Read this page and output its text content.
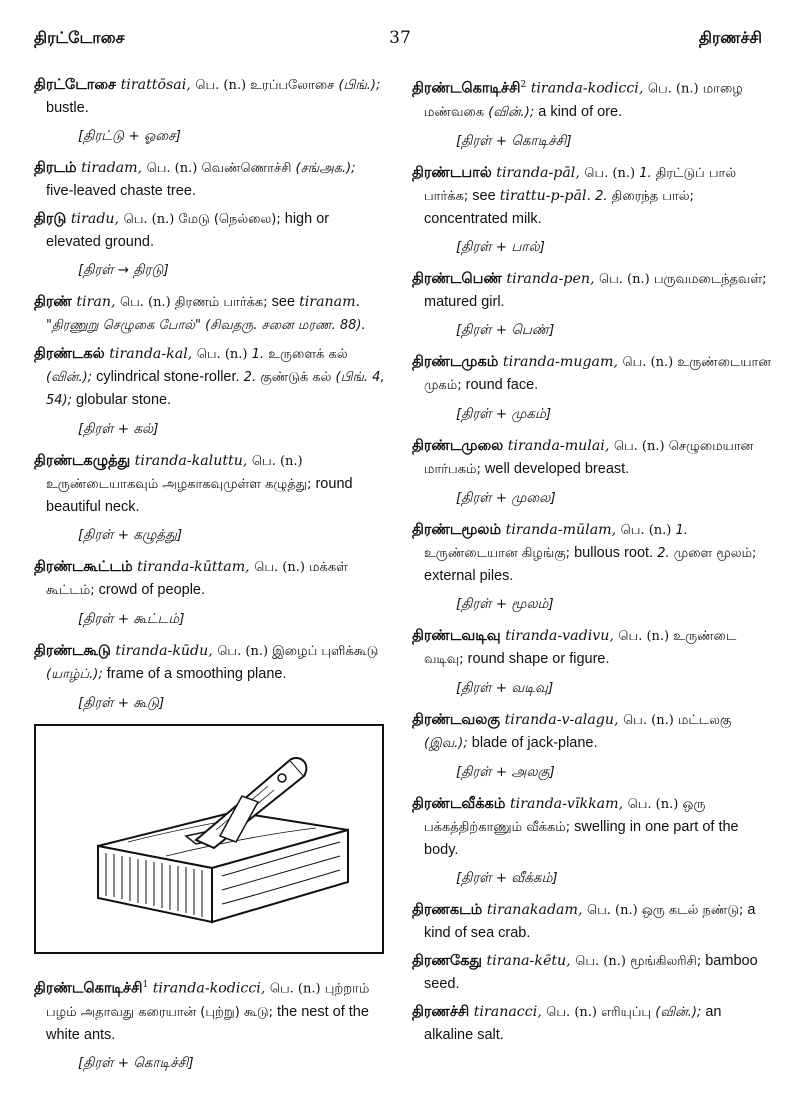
திரட்டோசை	37	திரணச்சி
திரட்டோசை tirattōsai, பெ. (n.) உரப்பலோசை (பிங்.); bustle.
[திரட்டு + ஓசை]
திரடம் tiradam, பெ. (n.) வெண்ணொச்சி (சங்அக.); five-leaved chaste tree.
திரடு tiradu, பெ. (n.) மேடு (நெல்லை); high or elevated ground.
[திரள் → திரடு]
திரண் tiran, பெ. (n.) திரணம் பார்க்க; see tiranam. "திரணுறு செழுகை போல்" (சிவதரு. சனை மரண. 88).
திரண்டகல் tiranda-kal, பெ. (n.) 1. உருளைக் கல் (வின்.); cylindrical stone-roller. 2. குண்டுக் கல் (பிங். 4, 54); globular stone.
[திரள் + கல்]
திரண்டகழுத்து tiranda-kaluttu, பெ. (n.) உருண்டையாகவும் அழகாகவுமுள்ள கழுத்து; round beautiful neck.
[திரள் + கழுத்து]
திரண்டகூட்டம் tiranda-kūttam, பெ. (n.) மக்கள் கூட்டம்; crowd of people.
[திரள் + கூட்டம்]
திரண்டகூடு tiranda-kūdu, பெ. (n.) இழைப் புளிக்கூடு (யாழ்ப்.); frame of a smoothing plane.
[திரள் + கூடு]
திரண்டகொடிச்சி$^1$ tiranda-kodicci, பெ. (n.) புற்றாம் பழம் அதாவது கரையான் (புற்று) கூடு; the nest of the white ants.
[திரள் + கொடிச்சி]
திரண்டகொடிச்சி$^2$ tiranda-kodicci, பெ. (n.) மாழை மண்வகை (வின்.); a kind of ore.
[திரள் + கொடிச்சி]
திரண்டபால் tiranda-pāl, பெ. (n.) 1. திரட்டுப் பால் பார்க்க; see tirattu-p-pāl. 2. திரைந்த பால்; concentrated milk.
[திரள் + பால்]
திரண்டபெண் tiranda-pen, பெ. (n.) பருவமடைந்தவள்; matured girl.
[திரள் + பெண்]
திரண்டமுகம் tiranda-mugam, பெ. (n.) உருண்டையான முகம்; round face.
[திரள் + முகம்]
திரண்டமுலை tiranda-mulai, பெ. (n.) செழுமையான மார்பகம்; well developed breast.
[திரள் + முலை]
திரண்டமூலம் tiranda-mūlam, பெ. (n.) 1. உருண்டையான கிழங்கு; bullous root. 2. முளை மூலம்; external piles.
[திரள் + மூலம்]
திரண்டவடிவு tiranda-vadivu, பெ. (n.) உருண்டை வடிவு; round shape or figure.
[திரள் + வடிவு]
திரண்டவலகு tiranda-v-alagu, பெ. (n.) மட்டலகு (இவ.); blade of jack-plane.
[திரள் + அலகு]
திரண்டவீக்கம் tiranda-vīkkam, பெ. (n.) ஒரு பக்கத்திற்காணும் வீக்கம்; swelling in one part of the body.
[திரள் + வீக்கம்]
திரணகடம் tiranakadam, பெ. (n.) ஒரு கடல் நண்டு; a kind of sea crab.
திரணகேது tirana-kētu, பெ. (n.) மூங்கிலரிசி; bamboo seed.
திரணச்சி tiranacci, பெ. (n.) எரியுப்பு (வின்.); an alkaline salt.
